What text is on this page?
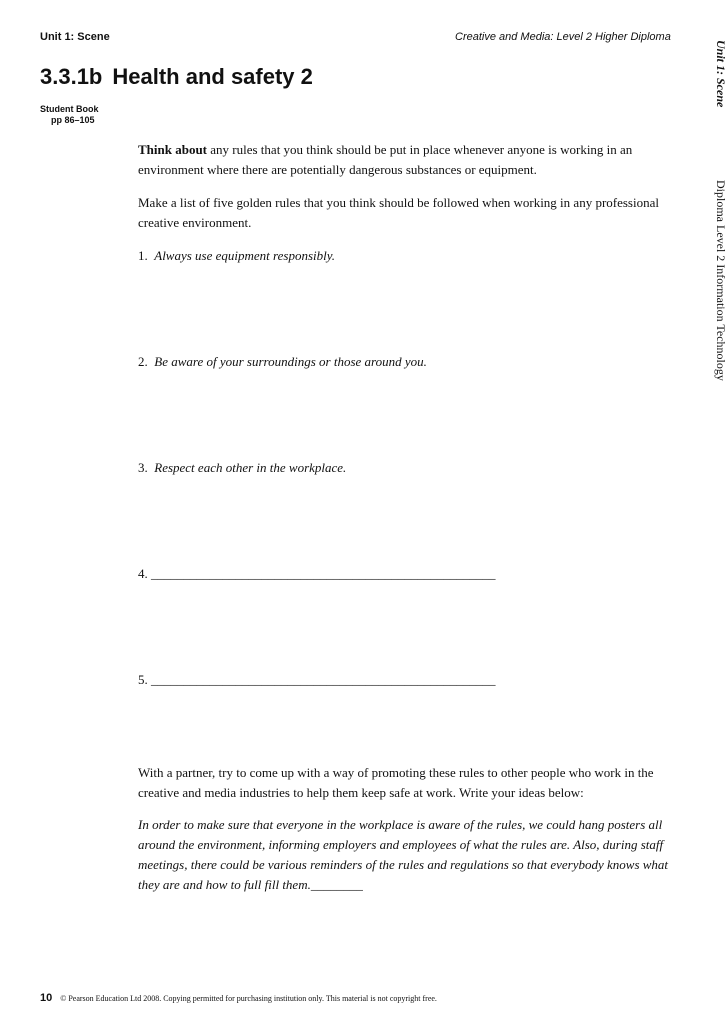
Unit 1: Scene	Creative and Media: Level 2 Higher Diploma
3.3.1b Health and safety 2
Student Book
pp 86–105
Unit 1: Scene Diploma Level 2 Information Technology

Think about any rules that you think should be put in place whenever anyone is working in an environment where there are potentially dangerous substances or equipment.

Make a list of five golden rules that you think should be followed when working in any professional creative environment.

1. Always use equipment responsibly.

2. Be aware of your surroundings or those around you.

3. Respect each other in the workplace.

4. _____________________________________________________

5. _____________________________________________________

With a partner, try to come up with a way of promoting these rules to other people who work in the creative and media industries to help them keep safe at work. Write your ideas below:

In order to make sure that everyone in the workplace is aware of the rules, we could hang posters all around the environment, informing employers and employees of what the rules are. Also, during staff meetings, there could be various reminders of the rules and regulations so that everybody knows what they are and how to full fill them.________

10 © Pearson Education Ltd 2008. Copying permitted for purchasing institution only. This material is not copyright free.
